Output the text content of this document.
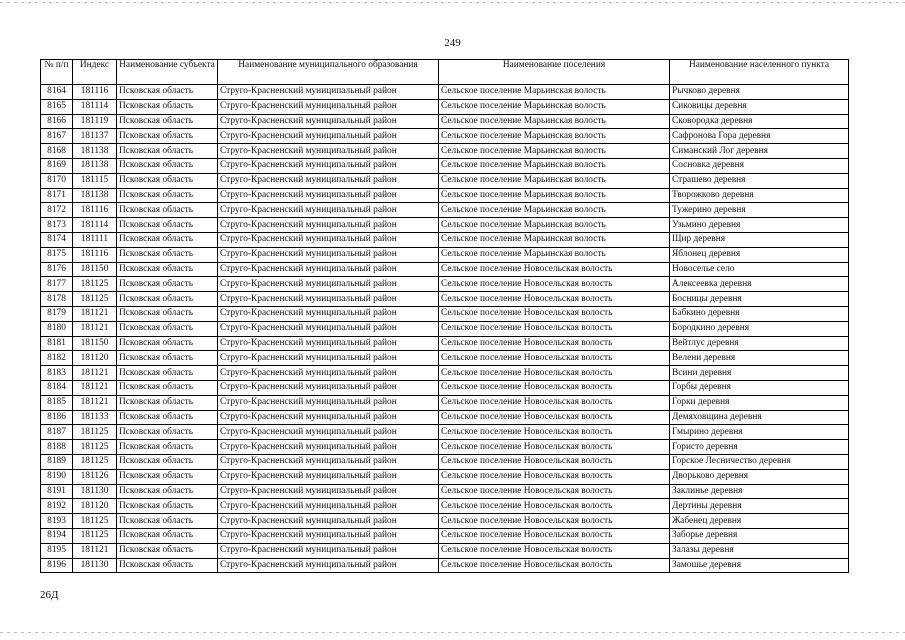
249
№ п/п	Индекс	Наименование субъекта	Наименование муниципального образования	Наименование поселения	Наименование населенного пункта
8164	181116	Псковская область	Струго-Красненский муниципальный район	Сельское поселение Марьинская волость	Рычково деревня
8165	181114	Псковская область	Струго-Красненский муниципальный район	Сельское поселение Марьинская волость	Сиковицы деревня
8166	181119	Псковская область	Струго-Красненский муниципальный район	Сельское поселение Марьинская волость	Сковородка деревня
8167	181137	Псковская область	Струго-Красненский муниципальный район	Сельское поселение Марьинская волость	Сафронова Гора деревня
8168	181138	Псковская область	Струго-Красненский муниципальный район	Сельское поселение Марьинская волость	Симанский Лог деревня
8169	181138	Псковская область	Струго-Красненский муниципальный район	Сельское поселение Марьинская волость	Сосновка деревня
8170	181115	Псковская область	Струго-Красненский муниципальный район	Сельское поселение Марьинская волость	Страшево деревня
8171	181138	Псковская область	Струго-Красненский муниципальный район	Сельское поселение Марьинская волость	Творожково деревня
8172	181116	Псковская область	Струго-Красненский муниципальный район	Сельское поселение Марьинская волость	Тужерино деревня
8173	181114	Псковская область	Струго-Красненский муниципальный район	Сельское поселение Марьинская волость	Узьмино деревня
8174	181111	Псковская область	Струго-Красненский муниципальный район	Сельское поселение Марьинская волость	Щир деревня
8175	181116	Псковская область	Струго-Красненский муниципальный район	Сельское поселение Марьинская волость	Яблонец деревня
8176	181150	Псковская область	Струго-Красненский муниципальный район	Сельское поселение Новосельская волость	Новоселье село
8177	181125	Псковская область	Струго-Красненский муниципальный район	Сельское поселение Новосельская волость	Алексеевка деревня
8178	181125	Псковская область	Струго-Красненский муниципальный район	Сельское поселение Новосельская волость	Босницы деревня
8179	181121	Псковская область	Струго-Красненский муниципальный район	Сельское поселение Новосельская волость	Бабкино деревня
8180	181121	Псковская область	Струго-Красненский муниципальный район	Сельское поселение Новосельская волость	Бородкино деревня
8181	181150	Псковская область	Струго-Красненский муниципальный район	Сельское поселение Новосельская волость	Вейтлус деревня
8182	181120	Псковская область	Струго-Красненский муниципальный район	Сельское поселение Новосельская волость	Велени деревня
8183	181121	Псковская область	Струго-Красненский муниципальный район	Сельское поселение Новосельская волость	Всини деревня
8184	181121	Псковская область	Струго-Красненский муниципальный район	Сельское поселение Новосельская волость	Горбы деревня
8185	181121	Псковская область	Струго-Красненский муниципальный район	Сельское поселение Новосельская волость	Горки деревня
8186	181133	Псковская область	Струго-Красненский муниципальный район	Сельское поселение Новосельская волость	Демяховщина деревня
8187	181125	Псковская область	Струго-Красненский муниципальный район	Сельское поселение Новосельская волость	Гмырино деревня
8188	181125	Псковская область	Струго-Красненский муниципальный район	Сельское поселение Новосельская волость	Гористо деревня
8189	181125	Псковская область	Струго-Красненский муниципальный район	Сельское поселение Новосельская волость	Горское Лесничество деревня
8190	181126	Псковская область	Струго-Красненский муниципальный район	Сельское поселение Новосельская волость	Дворьково деревня
8191	181130	Псковская область	Струго-Красненский муниципальный район	Сельское поселение Новосельская волость	Заклинье деревня
8192	181120	Псковская область	Струго-Красненский муниципальный район	Сельское поселение Новосельская волость	Дертины деревня
8193	181125	Псковская область	Струго-Красненский муниципальный район	Сельское поселение Новосельская волость	Жабенец деревня
8194	181125	Псковская область	Струго-Красненский муниципальный район	Сельское поселение Новосельская волость	Заборье деревня
8195	181121	Псковская область	Струго-Красненский муниципальный район	Сельское поселение Новосельская волость	Залазы деревня
8196	181130	Псковская область	Струго-Красненский муниципальный район	Сельское поселение Новосельская волость	Замошье деревня
26Д
